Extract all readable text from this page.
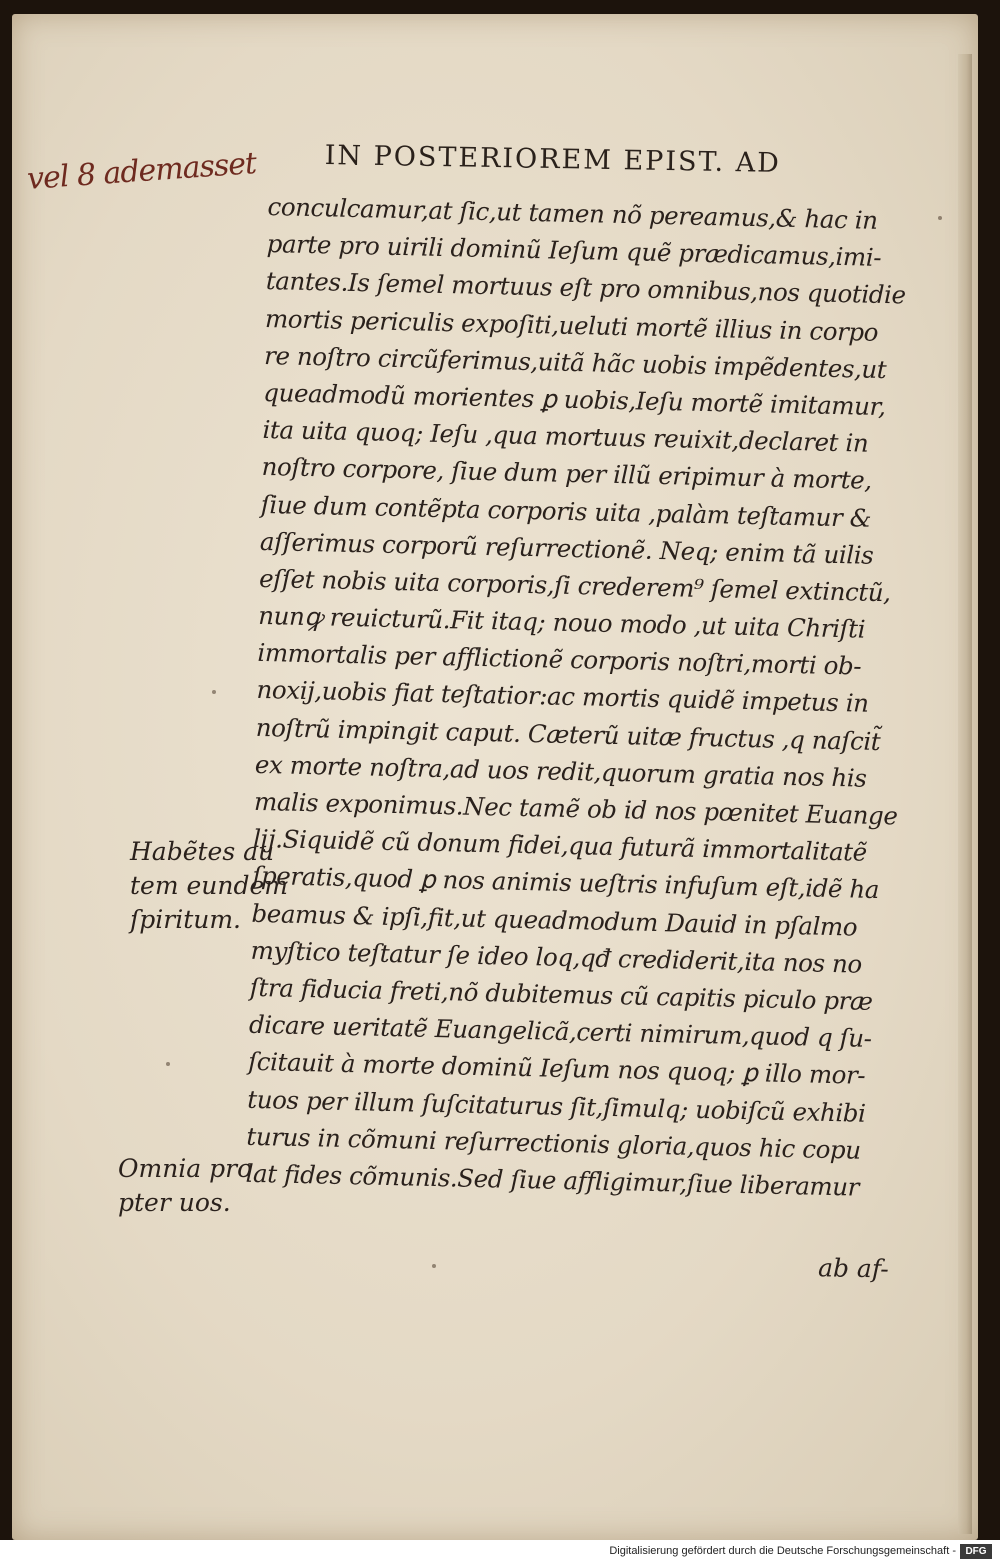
vel 8 ademasset	IN POSTERIOREM EPIST. AD
conculcamur,at ſic,ut tamen nõ pereamus,& hac in
parte pro uirili dominũ Ieſum quẽ prædicamus,imi-
tantes.Is ſemel mortuus eſt pro omnibus,nos quotidie
mortis periculis expoſiti,ueluti mortẽ illius in corpo
re noſtro circũferimus,uitã hãc uobis impẽdentes,ut
queadmodũ morientes ꝑ uobis,Ieſu mortẽ imitamur,
ita uita quoq; Ieſu ,qua mortuus reuixit,declaret in
noſtro corpore, ſiue dum per illũ eripimur à morte,
ſiue dum contẽpta corporis uita ,palàm teſtamur &
aſſerimus corporũ reſurrectionẽ. Neq; enim tã uilis
eſſet nobis uita corporis,ſi crederem⁹ ſemel extinctũ,
nunꝙ reuicturũ.Fit itaq; nouo modo ,ut uita Chriſti
immortalis per afflictionẽ corporis noſtri,morti ob-
noxij,uobis fiat teſtatior:ac mortis quidẽ impetus in
noſtrũ impingit caput. Cæterũ uitæ fructus ,q naſcit̃
ex morte noſtra,ad uos redit,quorum gratia nos his
malis exponimus.Nec tamẽ ob id nos pœnitet Euange
lij.Siquidẽ cũ donum fidei,qua futurã immortalitatẽ
ſperatis,quod ꝑ nos animis ueſtris infuſum eſt,idẽ ha
beamus & ipſi,fit,ut queadmodum Dauid in pſalmo
myſtico teſtatur ſe ideo loq,qđ crediderit,ita nos no
ſtra fiducia freti,nõ dubitemus cũ capitis piculo præ
dicare ueritatẽ Euangelicã,certi nimirum,quod q ſu-
ſcitauit à morte dominũ Ieſum nos quoq; ꝑ illo mor-
tuos per illum ſuſcitaturus ſit,ſimulq; uobiſcũ exhibi
turus in cõmuni reſurrectionis gloria,quos hic copu
lat fides cõmunis.Sed ſiue affligimur,ſiue liberamur
ab af-
Habẽtes au
tem eundem
ſpiritum.
Omnia pro
pter uos.
Digitalisierung gefördert durch die Deutsche Forschungsgemeinschaft - DFG
